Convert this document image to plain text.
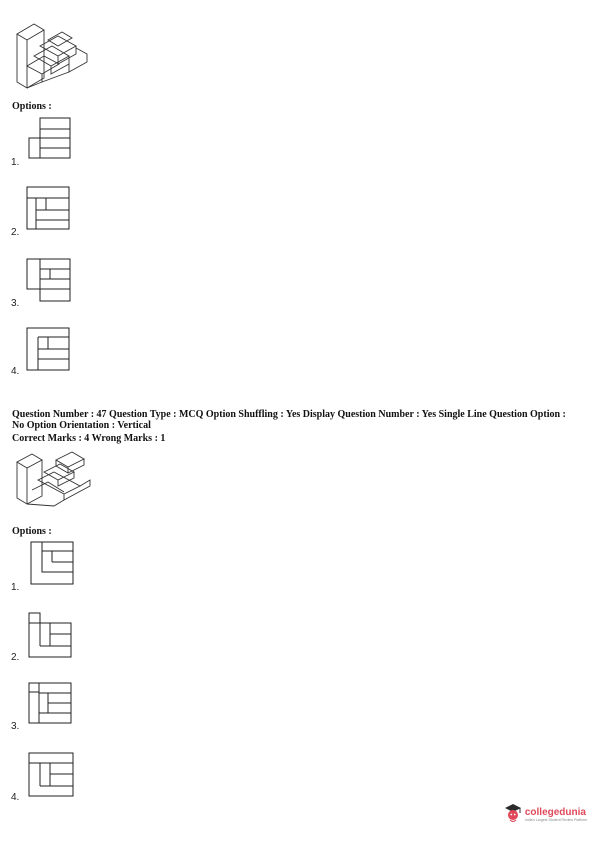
Options :
1.
2.
3.
4.
Question Number : 47 Question Type : MCQ Option Shuffling : Yes Display Question Number : Yes Single Line Question Option :
No Option Orientation : Vertical
Correct Marks : 4 Wrong Marks : 1
Options :
1.
2.
3.
4.
collegedunia
India's Largest Student Review Platform
